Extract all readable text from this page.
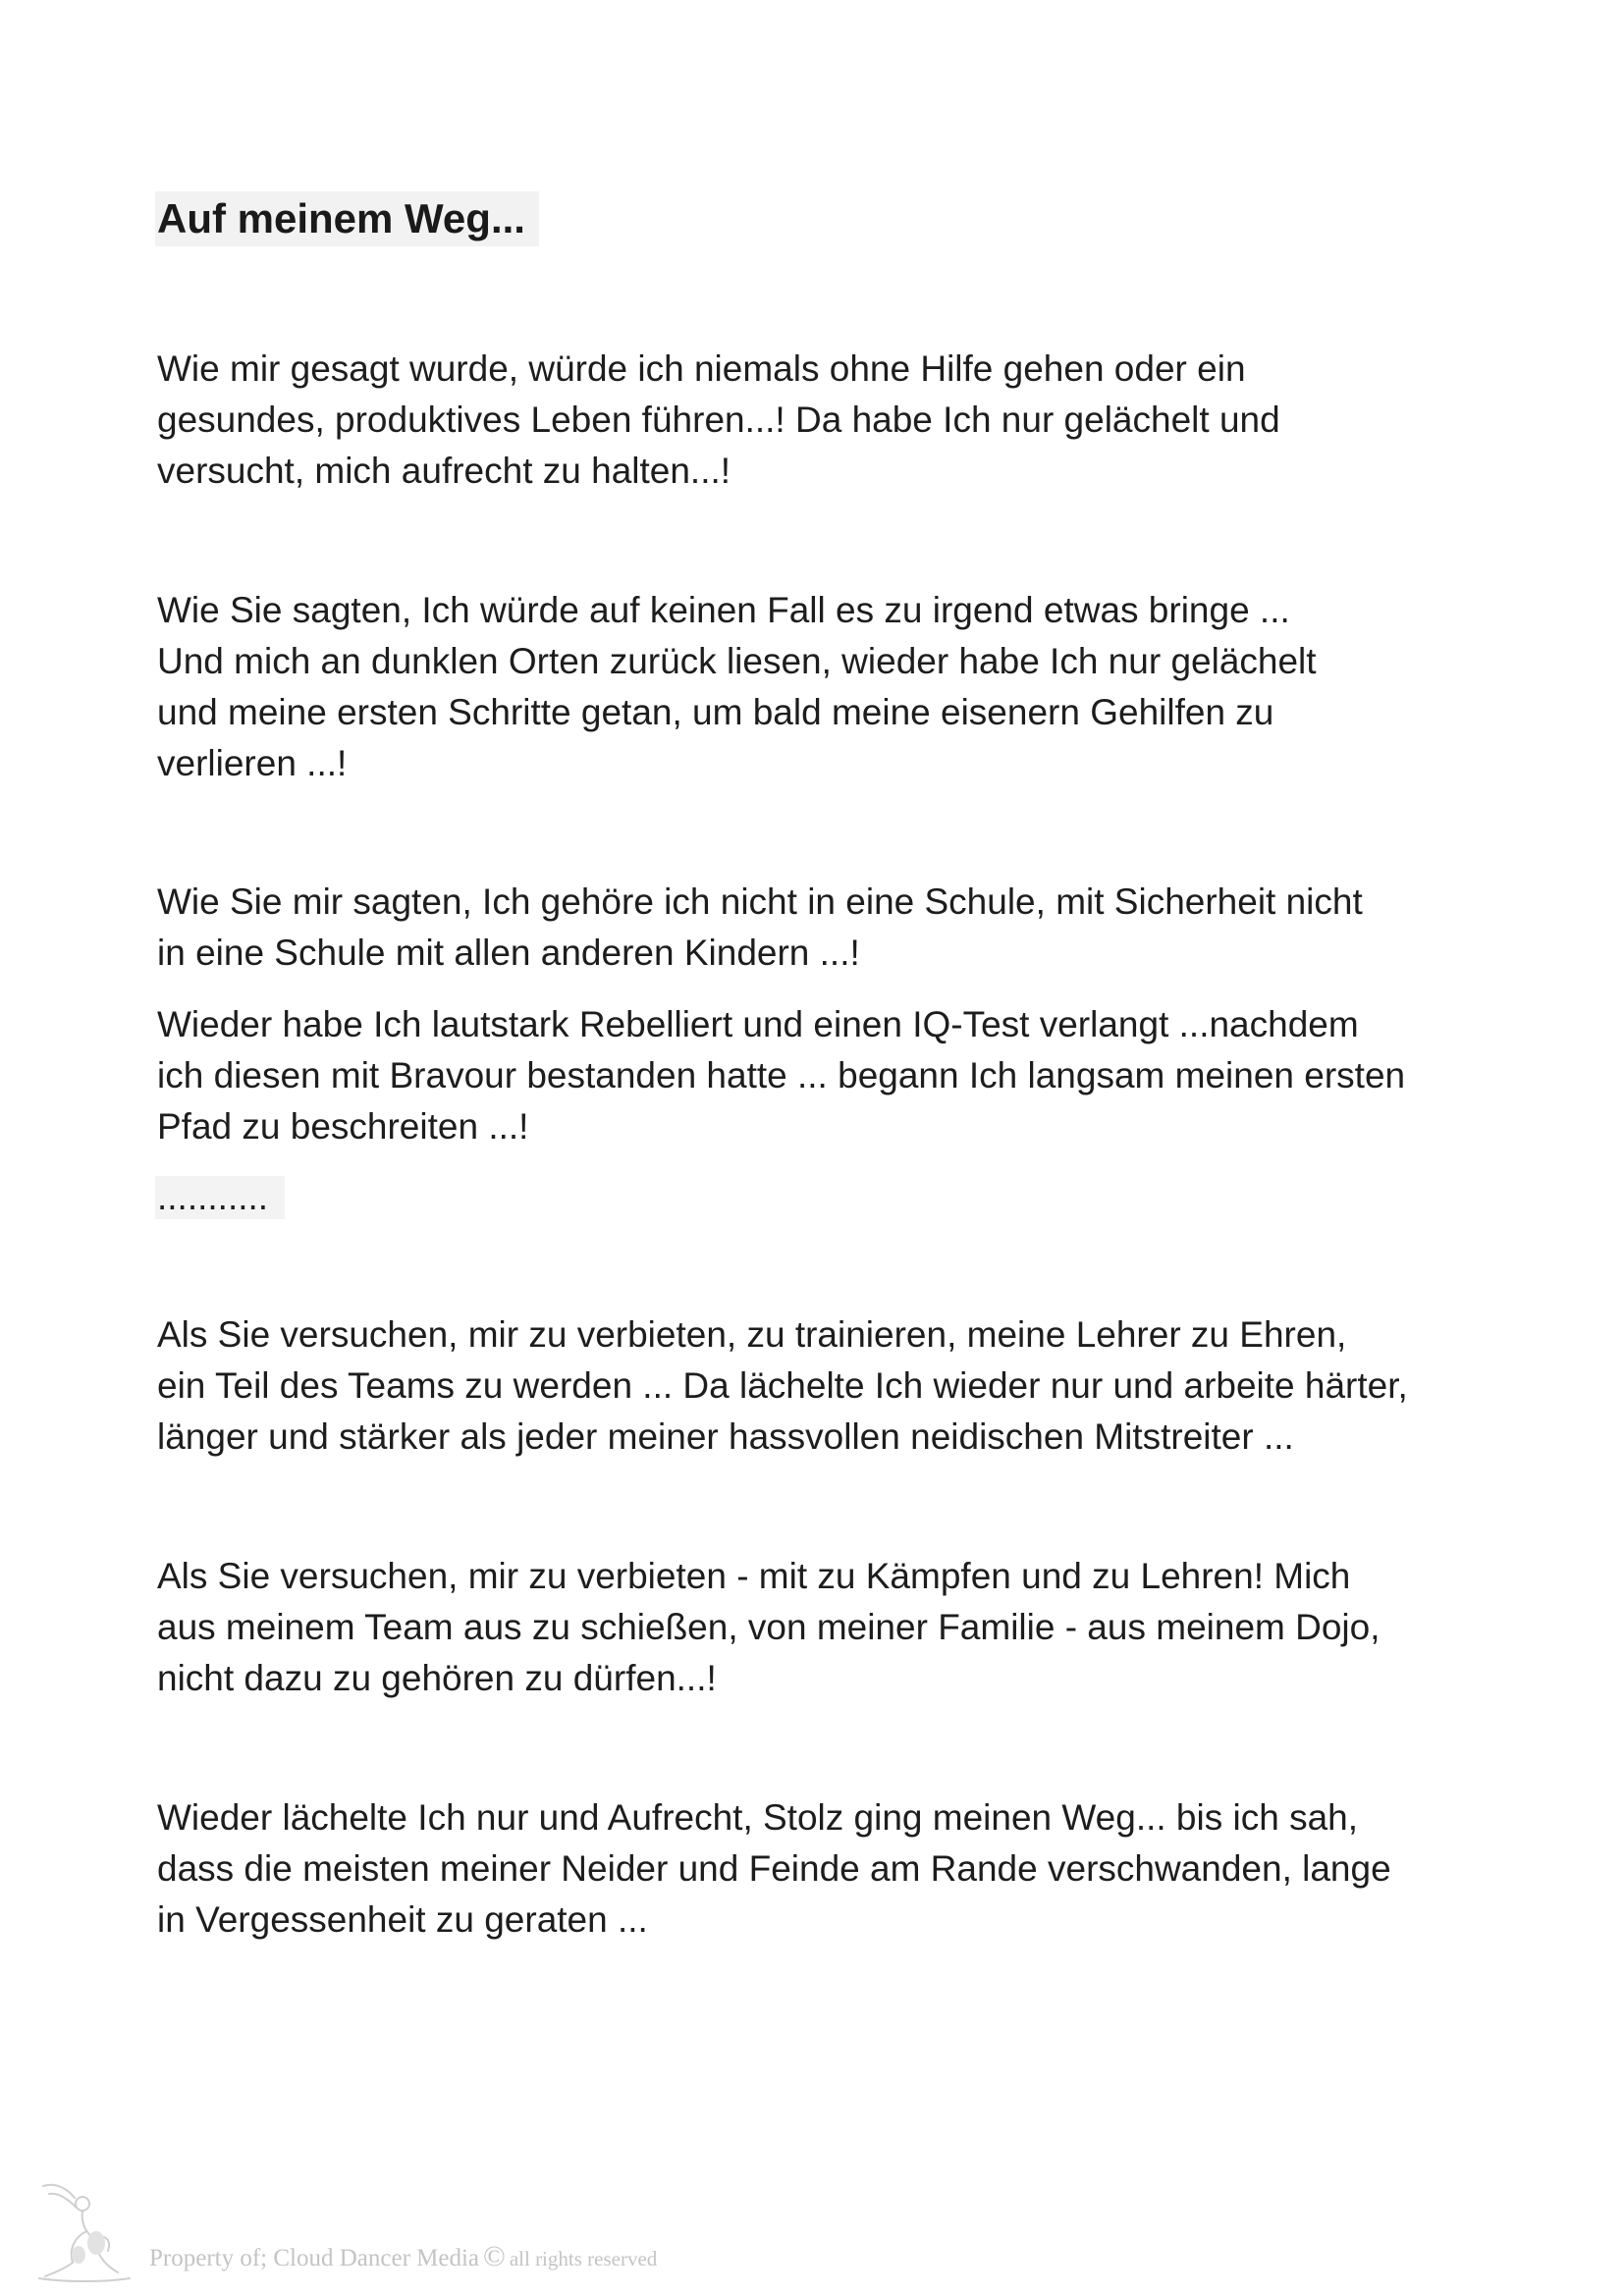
Auf meinem Weg...

Wie mir gesagt wurde, würde ich niemals ohne Hilfe gehen oder ein
gesundes, produktives Leben führen...! Da habe Ich nur gelächelt und
versucht, mich aufrecht zu halten...!

Wie Sie sagten, Ich würde auf keinen Fall es zu irgend etwas bringe ...
Und mich an dunklen Orten zurück liesen, wieder habe Ich nur gelächelt
und meine ersten Schritte getan, um bald meine eisenern Gehilfen zu
verlieren ...!

Wie Sie mir sagten, Ich gehöre ich nicht in eine Schule, mit Sicherheit nicht
in eine Schule mit allen anderen Kindern ...!

Wieder habe Ich lautstark Rebelliert und einen IQ-Test verlangt ...nachdem
ich diesen mit Bravour bestanden hatte ... begann Ich langsam meinen ersten
Pfad zu beschreiten ...!

...........

Als Sie versuchen, mir zu verbieten, zu trainieren, meine Lehrer zu Ehren,
ein Teil des Teams zu werden ... Da lächelte Ich wieder nur und arbeite härter,
länger und stärker als jeder meiner hassvollen neidischen Mitstreiter ...

Als Sie versuchen, mir zu verbieten - mit zu Kämpfen und zu Lehren! Mich
aus meinem Team aus zu schießen, von meiner Familie - aus meinem Dojo,
nicht dazu zu gehören zu dürfen...!

Wieder lächelte Ich nur und Aufrecht, Stolz ging meinen Weg... bis ich sah,
dass die meisten meiner Neider und Feinde am Rande verschwanden, lange
in Vergessenheit zu geraten ...

Property of; Cloud Dancer Media © all rights reserved
